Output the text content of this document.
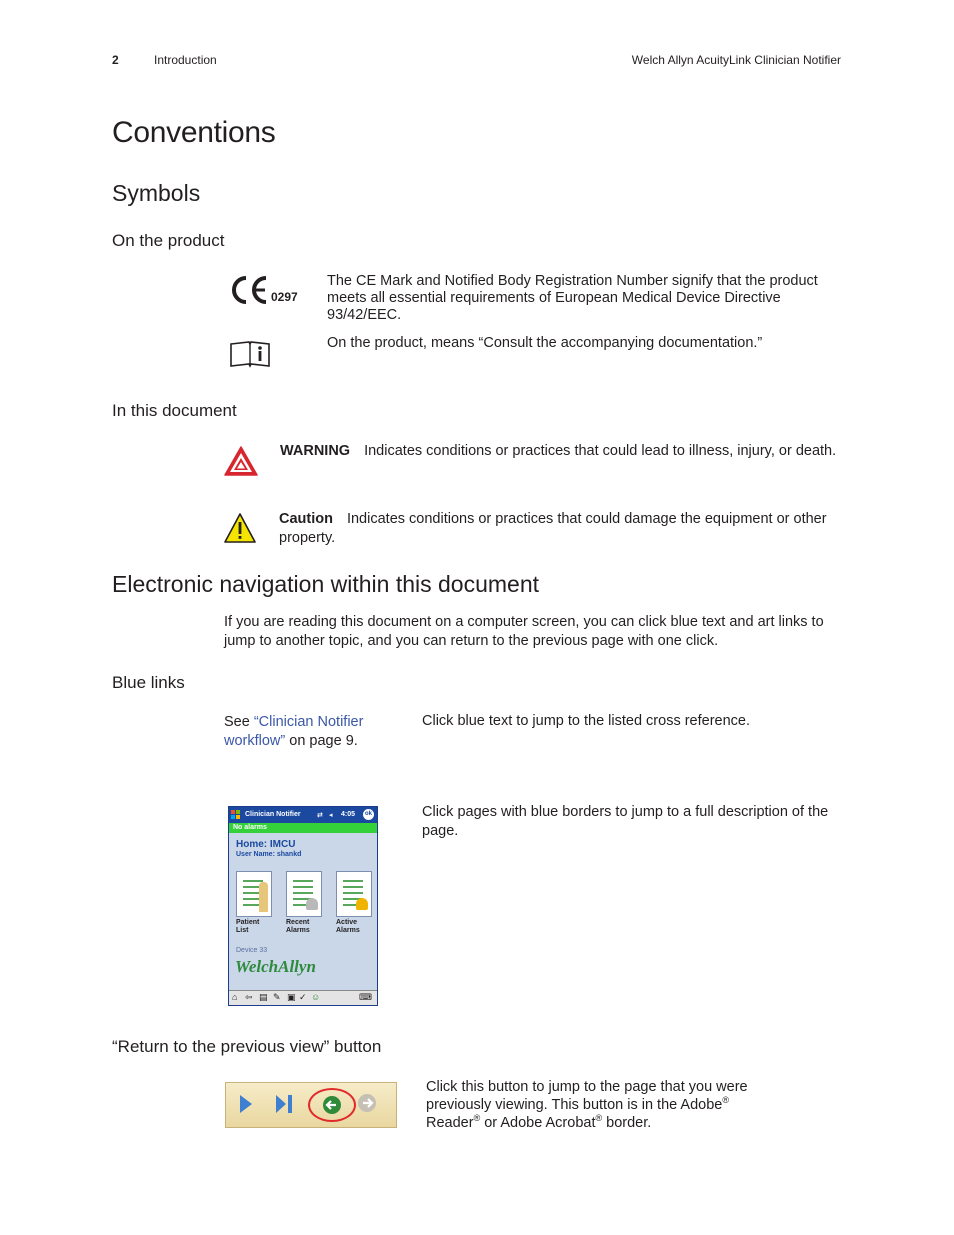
2	Introduction	Welch Allyn AcuityLink Clinician Notifier
Conventions
Symbols
On the product
0297
The CE Mark and Notified Body Registration Number signify that the product meets all essential requirements of European Medical Device Directive 93/42/EEC.
On the product, means “Consult the accompanying documentation.”
In this document
WARNING Indicates conditions or practices that could lead to illness, injury, or death.
Caution Indicates conditions or practices that could damage the equipment or other property.
Electronic navigation within this document
If you are reading this document on a computer screen, you can click blue text and art links to jump to another topic, and you can return to the previous page with one click.
Blue links
See “Clinician Notifier workflow” on page 9.
Click blue text to jump to the listed cross reference.
Clinician Notifier ⇄ ◂ 4:05	ok
No alarms
Home: IMCU
User Name: shankd
Patient List
Recent Alarms
Active Alarms
Device 33
WelchAllyn
⌂ ⇦ ▤ ✎ ▣ ✓ ☺	⌨
Click pages with blue borders to jump to a full description of the page.
“Return to the previous view” button
Click this button to jump to the page that you were previously viewing. This button is in the Adobe® Reader® or Adobe Acrobat® border.
